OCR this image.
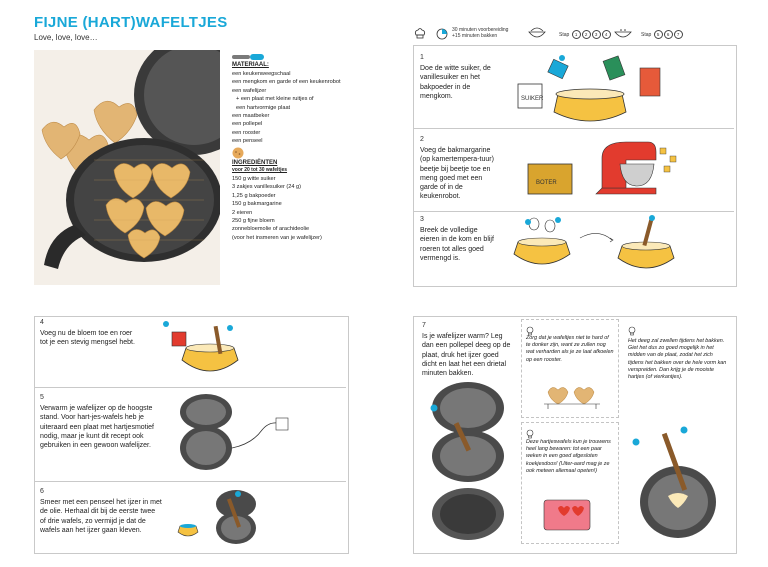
FIJNE (HART)WAFELTJES
Love, love, love…
MATERIAAL:
een keukenweegschaal
een mengkom en garde of een keukenrobot
een wafelijzer
+ een plaat met kleine ruitjes of
een hartvormige plaat
een maatbeker
een pollepel
een rooster
een penseel
INGREDIËNTEN
voor 20 tot 30 wafeltjes
150 g witte suiker
3 zakjes vanillesuiker (24 g)
1,25 g bakpoeder
150 g bakmargarine
2 eieren
250 g fijne bloem
zonnebloemolie of arachideolie
(voor het insmeren van je wafelijzer)
30 minuten voorbereiding
+15 minuten bakken	Stap 1 2 3 4	Stap 5 6 7
1
Doe de witte suiker, de vanillesuiker en het bakpoeder in de mengkom.	SUIKER
2
Voeg de bakmargarine (op kamertempera-tuur) beetje bij beetje toe en meng goed met een garde of in de keukenrobot.
BOTER
3
Breek de volledige eieren in de kom en blijf roeren tot alles goed vermengd is.
4
Voeg nu de bloem toe en roer tot je een stevig mengsel hebt.
5
Verwarm je wafelijzer op de hoogste stand. Voor hart-jes-wafels heb je uiteraard een plaat met hartjesmotief nodig, maar je kunt dit recept ook gebruiken in een gewoon wafelijzer.
6
Smeer met een penseel het ijzer in met de olie. Herhaal dit bij de eerste twee of drie wafels, zo vermijd je dat de wafels aan het ijzer gaan kleven.
7
Is je wafelijzer warm? Leg dan een pollepel deeg op de plaat, druk het ijzer goed dicht en laat het een drietal minuten bakken.
Zorg dat je wafeltjes niet te hard of te donker zijn, want ze zullen nog wat verharden als je ze laat afkoelen op een rooster.
Deze hartjeswafels kun je trouwens heel lang bewaren: tot een paar weken in een goed afgesloten koekjesdoos! (Uiter-aard mag je ze ook meteen allemaal opeten!)
Het deeg zal zwellen tijdens het bakken. Giet het dus zo goed mogelijk in het midden van de plaat, zodat het zich tijdens het bakken over de hele vorm kan verspreiden. Dan krijg je de mooiste hartjes (of vierkantjes).
